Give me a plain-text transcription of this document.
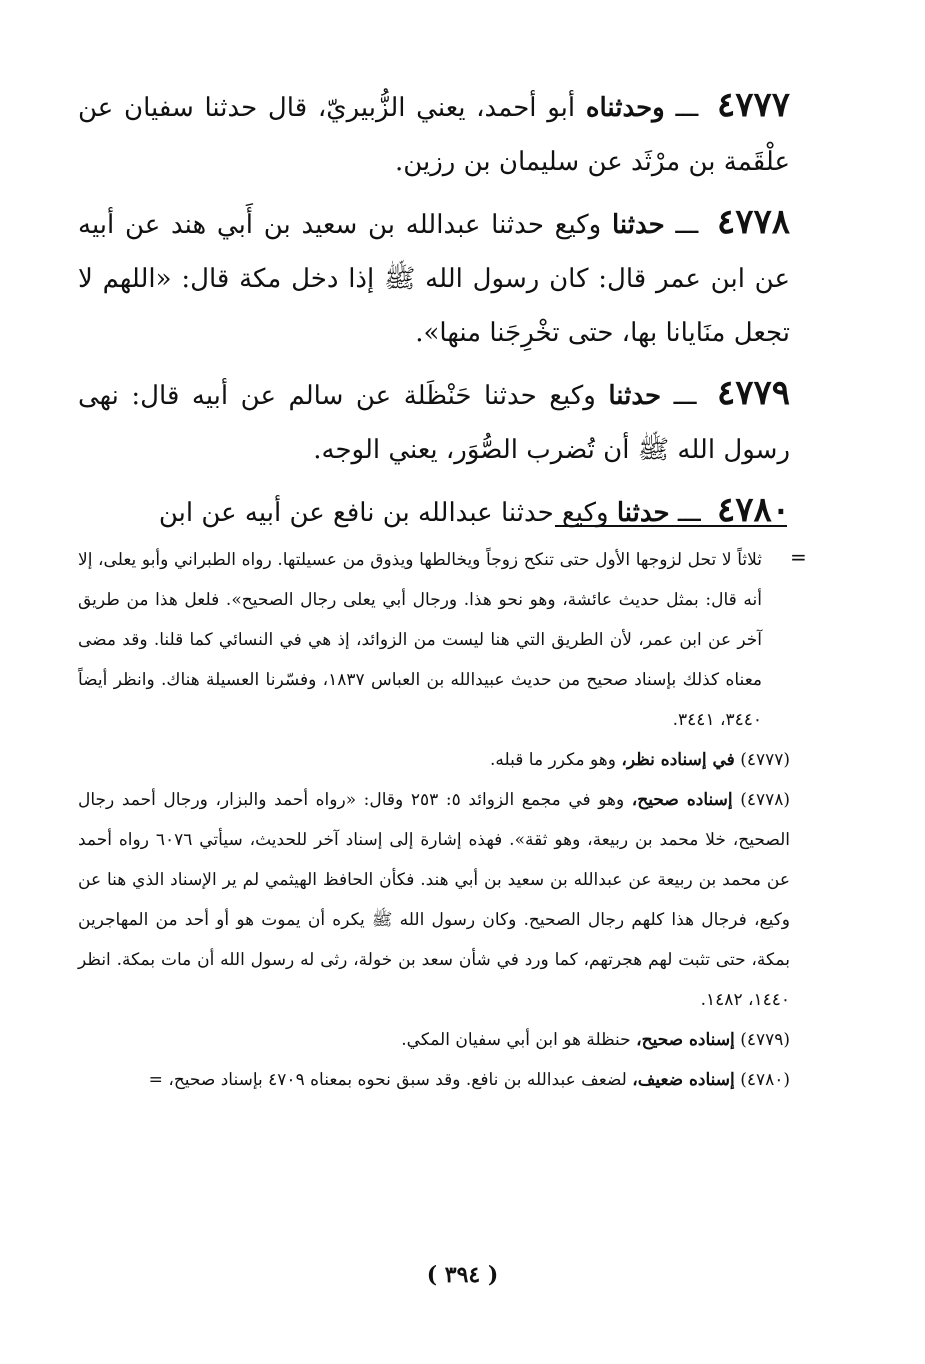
٤٧٧٧ ـــ وحدثناه أبو أحمد، يعني الزُّبيريّ، قال حدثنا سفيان عن علْقَمة بن مرْثَد عن سليمان بن رزين.

٤٧٧٨ ـــ حدثنا وكيع حدثنا عبدالله بن سعيد بن أَبي هند عن أبيه عن ابن عمر قال: كان رسول الله ﷺ إذا دخل مكة قال: «اللهم لا تجعل منَايانا بها، حتى تخْرِجَنا منها».

٤٧٧٩ ـــ حدثنا وكيع حدثنا حَنْظَلة عن سالم عن أبيه قال: نهى رسول الله ﷺ أن تُضرب الصُّوَر، يعني الوجه.

٤٧٨٠ ـــ حدثنا وكيع حدثنا عبدالله بن نافع عن أبيه عن ابن

=

ثلاثاً لا تحل لزوجها الأول حتى تنكح زوجاً ويخالطها ويذوق من عسيلتها. رواه الطبراني وأبو يعلى، إلا أنه قال: بمثل حديث عائشة، وهو نحو هذا. ورجال أبي يعلى رجال الصحيح». فلعل هذا من طريق آخر عن ابن عمر، لأن الطريق التي هنا ليست من الزوائد، إذ هي في النسائي كما قلنا. وقد مضى معناه كذلك بإسناد صحيح من حديث عبيدالله بن العباس ١٨٣٧، وفسّرنا العسيلة هناك. وانظر أيضاً ٣٤٤٠، ٣٤٤١.

(٤٧٧٧) في إسناده نظر، وهو مكرر ما قبله.

(٤٧٧٨) إسناده صحيح، وهو في مجمع الزوائد ٥: ٢٥٣ وقال: «رواه أحمد والبزار، ورجال أحمد رجال الصحيح، خلا محمد بن ربيعة، وهو ثقة». فهذه إشارة إلى إسناد آخر للحديث، سيأتي ٦٠٧٦ رواه أحمد عن محمد بن ربيعة عن عبدالله بن سعيد بن أبي هند. فكأن الحافظ الهيثمي لم ير الإسناد الذي هنا عن وكيع، فرجال هذا كلهم رجال الصحيح. وكان رسول الله ﷺ يكره أن يموت هو أو أحد من المهاجرين بمكة، حتى تثبت لهم هجرتهم، كما ورد في شأن سعد بن خولة، رثى له رسول الله أن مات بمكة. انظر ١٤٤٠، ١٤٨٢.

(٤٧٧٩) إسناده صحيح، حنظلة هو ابن أبي سفيان المكي.

(٤٧٨٠) إسناده ضعيف، لضعف عبدالله بن نافع. وقد سبق نحوه بمعناه ٤٧٠٩ بإسناد صحيح، =

( ٣٩٤ )
